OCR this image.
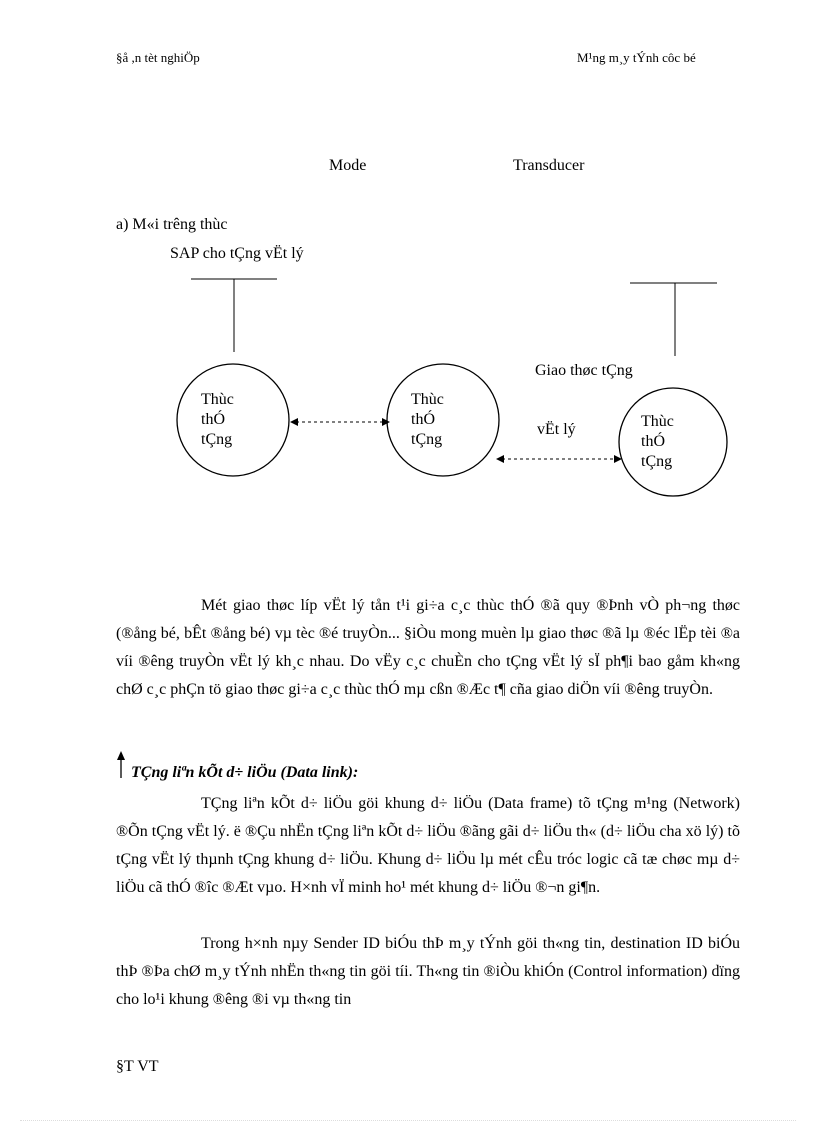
§å ,n tèt nghiÖp	M¹ng m¸y tÝnh côc bé
Mode	Transducer
a) M«i trêng thùc
SAP cho tÇng vËt lý
Thùc
thÓ
tÇng
Thùc
thÓ
tÇng
Thùc
thÓ
tÇng
Giao thøc tÇng
vËt lý

Mét giao thøc líp vËt lý tån t¹i gi÷a c¸c thùc thÓ ®ã quy ®Þnh vÒ ph¬ng thøc (®ång bé, bÊt ®ång bé) vµ tèc ®é truyÒn... §iÒu mong muèn lµ giao thøc ®ã lµ ®éc lËp tèi ®a víi ®êng truyÒn vËt lý kh¸c nhau. Do vËy c¸c chuÈn cho tÇng vËt lý sÏ ph¶i bao gåm kh«ng chØ c¸c phÇn tö giao thøc gi÷a c¸c thùc thÓ mµ cßn ®Æc t¶ cña giao diÖn víi ®êng truyÒn.

TÇng liªn kÕt d÷ liÖu (Data link):

TÇng liªn kÕt d÷ liÖu göi khung d÷ liÖu (Data frame) tõ tÇng m¹ng (Network) ®Õn tÇng vËt lý. ë ®Çu nhËn tÇng liªn kÕt d÷ liÖu ®ãng gãi d÷ liÖu th« (d÷ liÖu cha xö lý) tõ tÇng vËt lý thµnh tÇng khung d÷ liÖu. Khung d÷ liÖu lµ mét cÊu tróc logic cã tæ chøc mµ d÷ liÖu cã thÓ ®îc ®Æt vµo. H×nh vÏ minh ho¹ mét khung d÷ liÖu ®¬n gi¶n.

Trong h×nh nµy Sender ID biÓu thÞ m¸y tÝnh göi th«ng tin, destination ID biÓu thÞ ®Þa chØ m¸y tÝnh nhËn th«ng tin göi tíi. Th«ng tin ®iÒu khiÓn (Control information) dïng cho lo¹i khung ®êng ®i vµ th«ng tin

§T VT
